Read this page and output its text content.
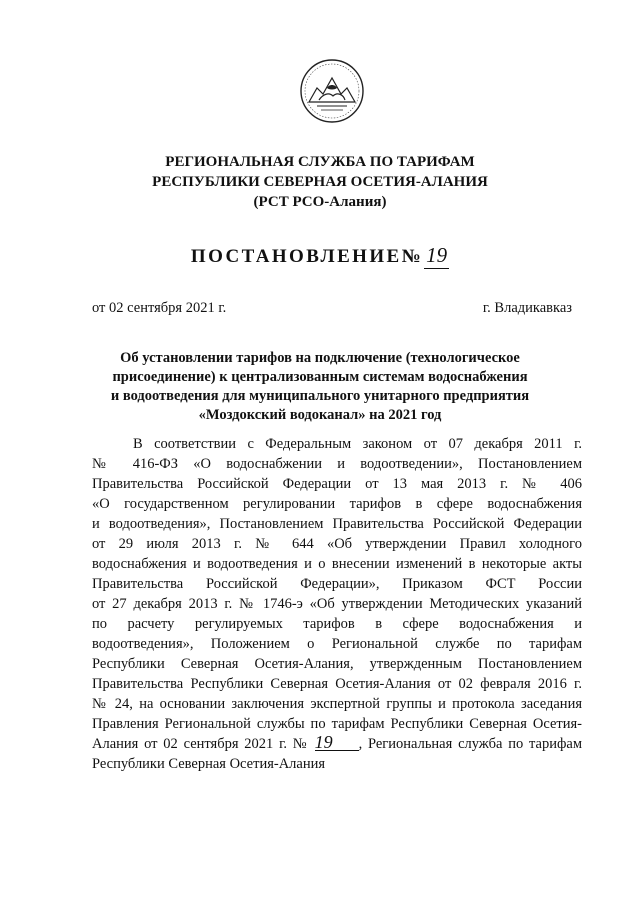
РЕГИОНАЛЬНАЯ СЛУЖБА ПО ТАРИФАМ
РЕСПУБЛИКИ СЕВЕРНАЯ ОСЕТИЯ-АЛАНИЯ
(РСТ РСО-Алания)
ПОСТАНОВЛЕНИЕ№ 19
от 02 сентября 2021 г.	г. Владикавказ
Об установлении тарифов на подключение (технологическое
присоединение) к централизованным системам водоснабжения
и водоотведения для муниципального унитарного предприятия
«Моздокский водоканал» на 2021 год
В соответствии с Федеральным законом от 07 декабря 2011 г.
№ 416-ФЗ «О водоснабжении и водоотведении», Постановлением
Правительства Российской Федерации от 13 мая 2013 г. № 406
«О государственном регулировании тарифов в сфере водоснабжения
и водоотведения», Постановлением Правительства Российской Федерации
от 29 июля 2013 г. № 644 «Об утверждении Правил холодного
водоснабжения и водоотведения и о внесении изменений в некоторые акты
Правительства Российской Федерации», Приказом ФСТ России
от 27 декабря 2013 г. № 1746-э «Об утверждении Методических указаний
по расчету регулируемых тарифов в сфере водоснабжения и
водоотведения», Положением о Региональной службе по тарифам
Республики Северная Осетия-Алания, утвержденным Постановлением
Правительства Республики Северная Осетия-Алания от 02 февраля 2016 г.
№ 24, на основании заключения экспертной группы и протокола заседания
Правления Региональной службы по тарифам Республики Северная Осетия-
Алания от 02 сентября 2021 г. № 19 , Региональная служба по тарифам
Республики Северная Осетия-Алания
